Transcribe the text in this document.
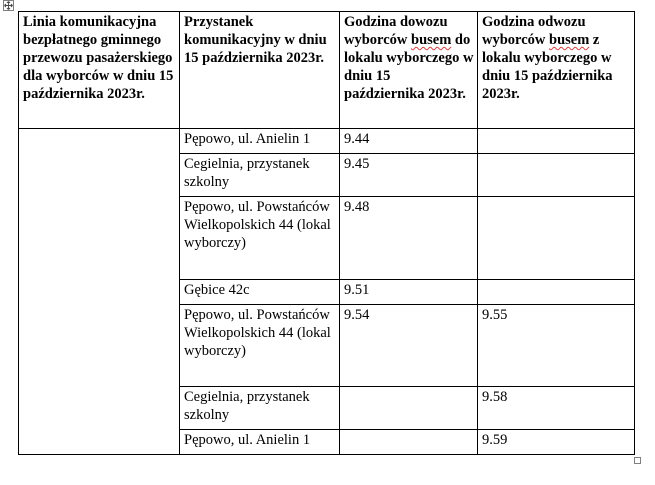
Linia komunikacyjna bezpłatnego gminnego przewozu pasażerskiego dla wyborców w dniu 15 października 2023r.	Przystanek komunikacyjny w dniu 15 października 2023r.	Godzina dowozu wyborców busem do lokalu wyborczego w dniu 15 października 2023r.	Godzina odwozu wyborców busem z lokalu wyborczego w dniu 15 października 2023r.
	Pępowo, ul. Anielin 1	9.44	
	Cegielnia, przystanek szkolny	9.45	
	Pępowo, ul. Powstańców Wielkopolskich 44 (lokal wyborczy)	9.48	
	Gębice 42c	9.51	
	Pępowo, ul. Powstańców Wielkopolskich 44 (lokal wyborczy)	9.54	9.55
	Cegielnia, przystanek szkolny		9.58
	Pępowo, ul. Anielin 1		9.59
